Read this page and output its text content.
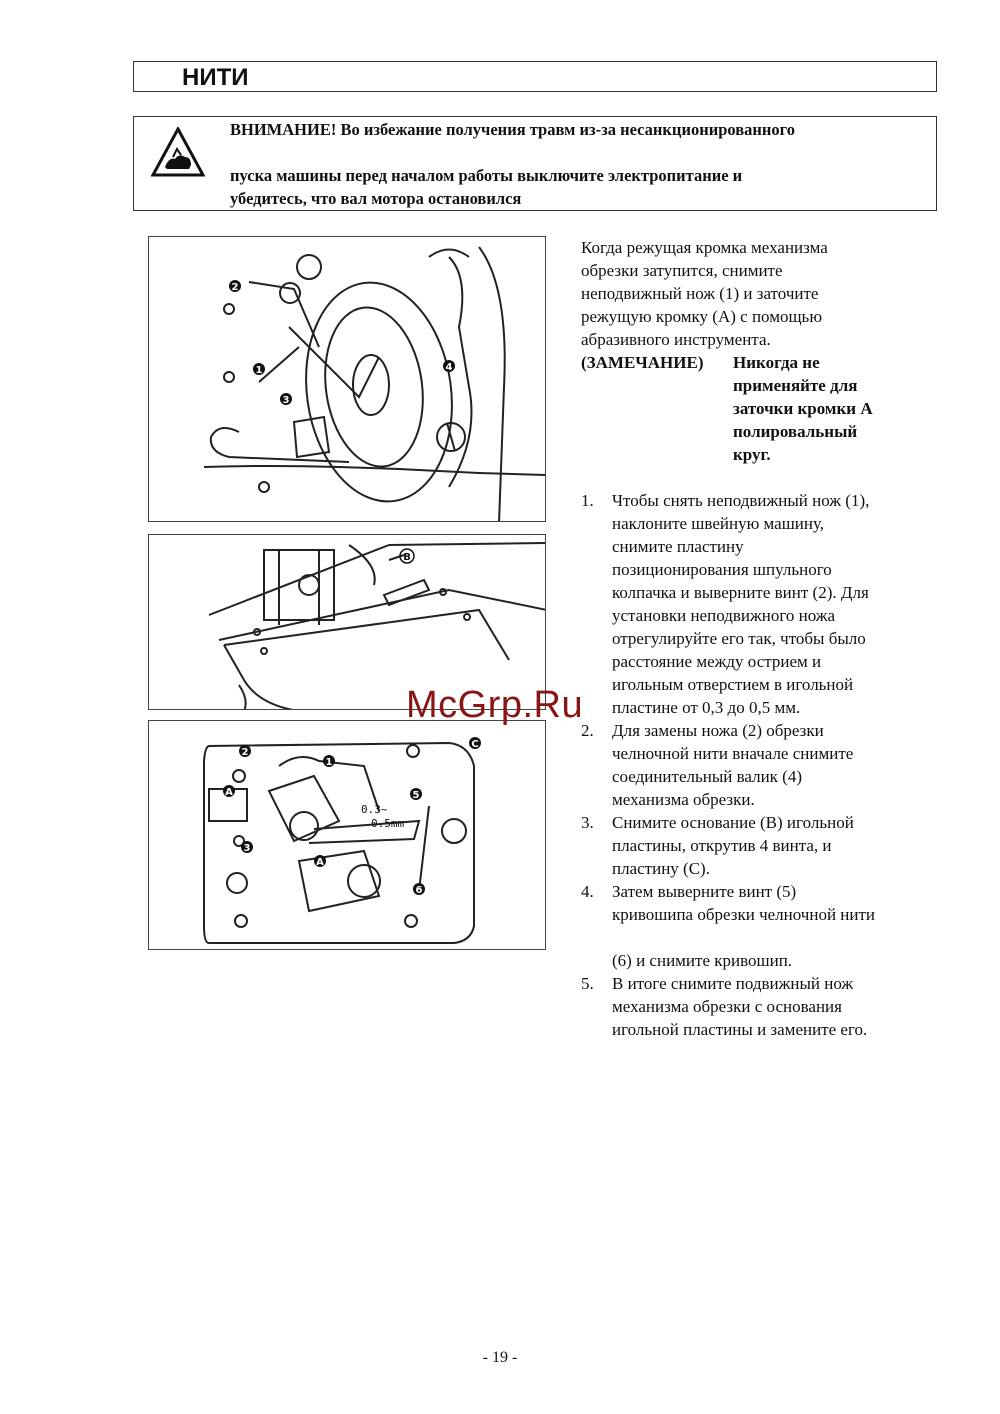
НИТИ
ВНИМАНИЕ! Во избежание получения травм из-за несанкционированного
пуска машины перед началом работы выключите электропитание и
убедитесь, что вал мотора остановился
2
1
3
4
B
0.3~
0.5mm
2
1
A
3
A
5
6
C

Когда режущая кромка механизма

обрезки затупится, снимите

неподвижный нож (1) и заточите

режущую кромку (A) с помощью

абразивного инструмента.

(ЗАМЕЧАНИЕ)	Никогда не

применяйте для

заточки кромки A

полировальный

круг.

1.	Чтобы снять неподвижный нож (1),

наклоните швейную машину,

снимите пластину

позиционирования шпульного

колпачка и выверните винт (2). Для

установки неподвижного ножа

отрегулируйте его так, чтобы было

расстояние между острием и

игольным отверстием в игольной

пластине от 0,3 до 0,5 мм.

2.	Для замены ножа (2) обрезки

челночной нити вначале снимите

соединительный валик (4)

механизма обрезки.

3.	Снимите основание (B) игольной

пластины, открутив 4 винта, и

пластину (C).

4.	Затем выверните винт (5)

кривошипа обрезки челночной нити

(6) и снимите кривошип.

5.	В итоге снимите подвижный нож

механизма обрезки с основания

игольной пластины и замените его.

McGrp.Ru
- 19 -
